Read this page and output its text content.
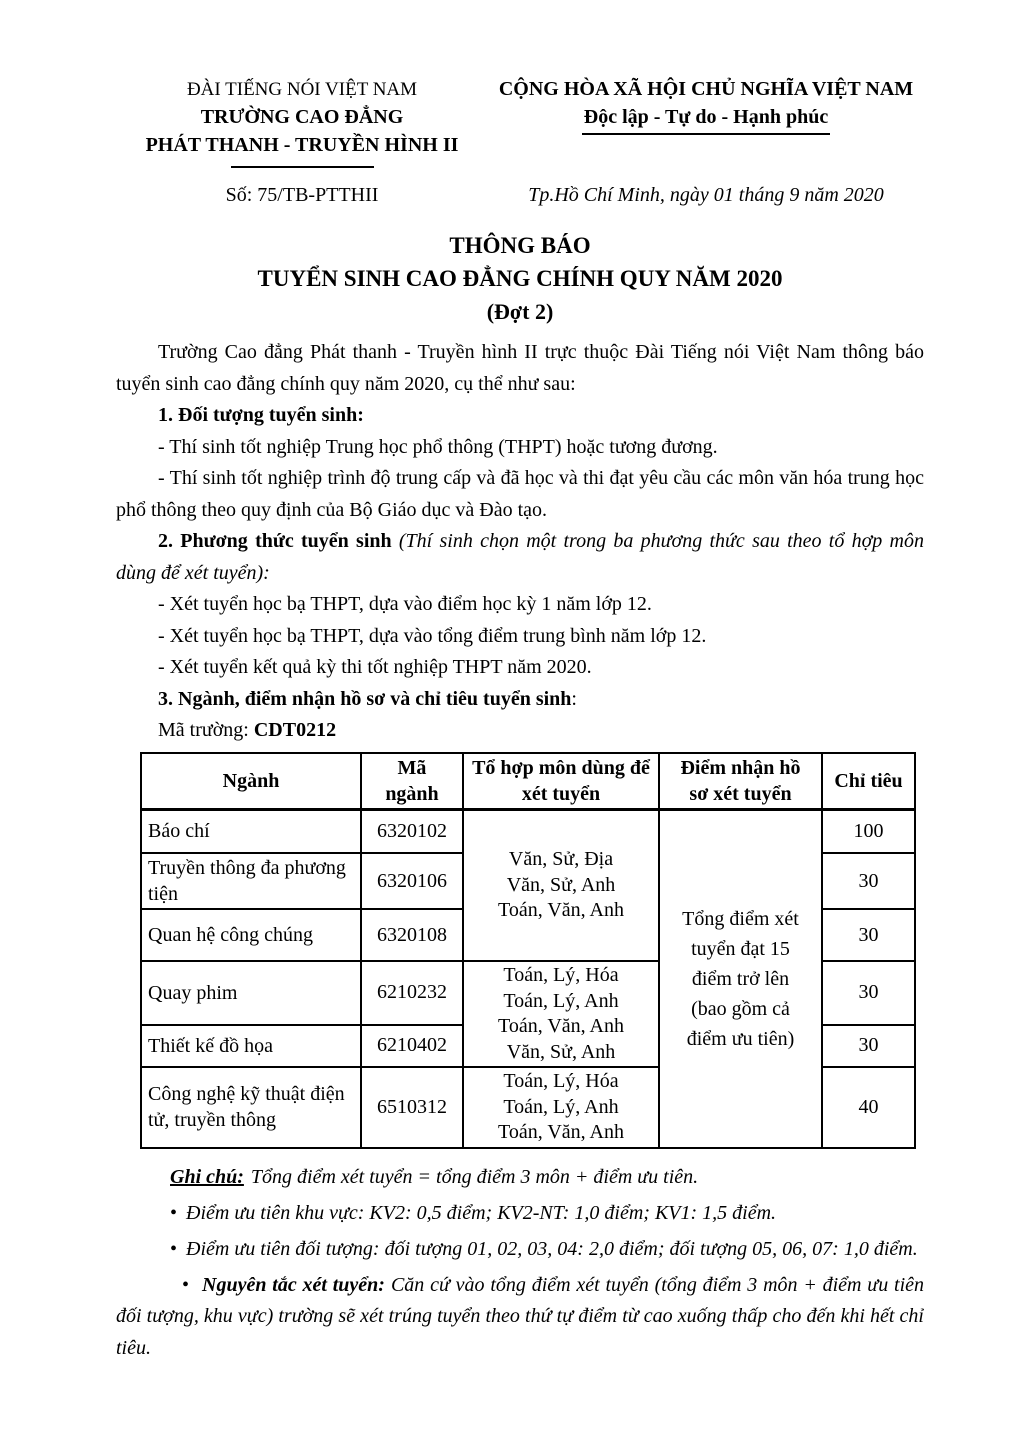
ĐÀI TIẾNG NÓI VIỆT NAM
TRƯỜNG CAO ĐẲNG
PHÁT THANH - TRUYỀN HÌNH II
CỘNG HÒA XÃ HỘI CHỦ NGHĨA VIỆT NAM
Độc lập - Tự do - Hạnh phúc
Số: 75/TB-PTTHII	Tp.Hồ Chí Minh, ngày 01 tháng 9 năm 2020
THÔNG BÁO
TUYỂN SINH CAO ĐẲNG CHÍNH QUY NĂM 2020
(Đợt 2)

Trường Cao đẳng Phát thanh - Truyền hình II trực thuộc Đài Tiếng nói Việt Nam thông báo tuyển sinh cao đẳng chính quy năm 2020, cụ thể như sau:

1. Đối tượng tuyển sinh:

- Thí sinh tốt nghiệp Trung học phổ thông (THPT) hoặc tương đương.

- Thí sinh tốt nghiệp trình độ trung cấp và đã học và thi đạt yêu cầu các môn văn hóa trung học phổ thông theo quy định của Bộ Giáo dục và Đào tạo.

2. Phương thức tuyển sinh (Thí sinh chọn một trong ba phương thức sau theo tổ hợp môn dùng để xét tuyển):

- Xét tuyển học bạ THPT, dựa vào điểm học kỳ 1 năm lớp 12.

- Xét tuyển học bạ THPT, dựa vào tổng điểm trung bình năm lớp 12.

- Xét tuyển kết quả kỳ thi tốt nghiệp THPT năm 2020.

3. Ngành, điểm nhận hồ sơ và chỉ tiêu tuyển sinh:

Mã trường: CDT0212

Ngành	Mã ngành	Tổ hợp môn dùng để xét tuyển	Điểm nhận hồ sơ xét tuyển	Chỉ tiêu
Báo chí	6320102	Văn, Sử, Địa
Văn, Sử, Anh
Toán, Văn, Anh	Tổng điểm xét tuyển đạt 15 điểm trở lên (bao gồm cả điểm ưu tiên)	100
Truyền thông đa phương tiện	6320106			30
Quan hệ công chúng	6320108			30
Quay phim	6210232	Toán, Lý, Hóa
Toán, Lý, Anh
Toán, Văn, Anh
Văn, Sử, Anh		30
Thiết kế đồ họa	6210402			30
Công nghệ kỹ thuật điện tử, truyền thông	6510312	Toán, Lý, Hóa
Toán, Lý, Anh
Toán, Văn, Anh		40

Ghi chú: Tổng điểm xét tuyển = tổng điểm 3 môn + điểm ưu tiên.

• Điểm ưu tiên khu vực: KV2: 0,5 điểm; KV2-NT: 1,0 điểm; KV1: 1,5 điểm.

• Điểm ưu tiên đối tượng: đối tượng 01, 02, 03, 04: 2,0 điểm; đối tượng 05, 06, 07: 1,0 điểm.

• Nguyên tắc xét tuyển: Căn cứ vào tổng điểm xét tuyển (tổng điểm 3 môn + điểm ưu tiên đối tượng, khu vực) trường sẽ xét trúng tuyển theo thứ tự điểm từ cao xuống thấp cho đến khi hết chỉ tiêu.
